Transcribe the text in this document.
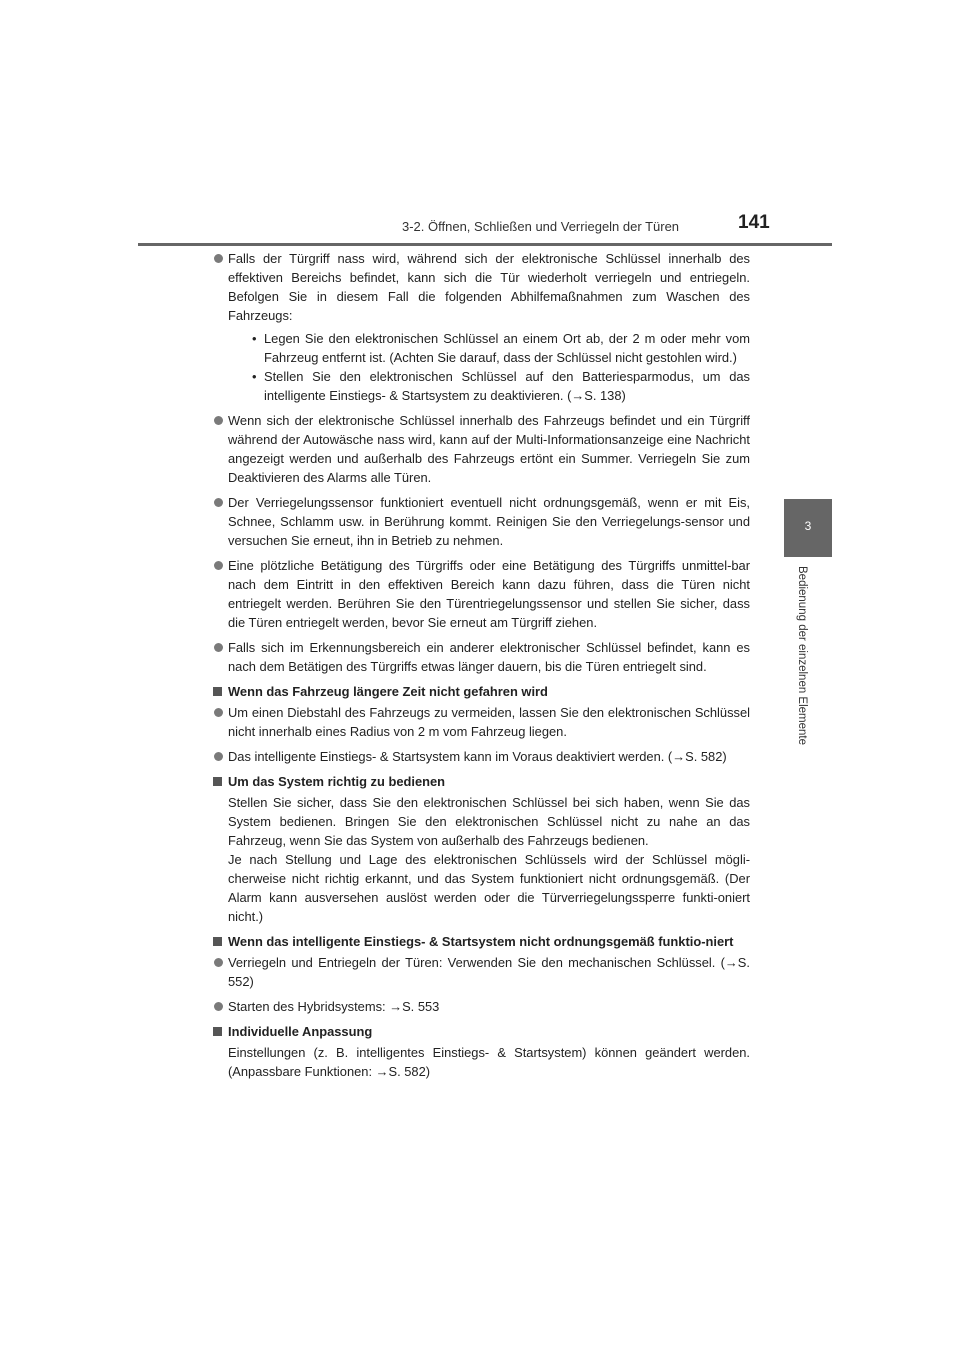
3-2. Öffnen, Schließen und Verriegeln der Türen	141
3
Bedienung der einzelnen Elemente
Falls der Türgriff nass wird, während sich der elektronische Schlüssel innerhalb des effektiven Bereichs befindet, kann sich die Tür wiederholt verriegeln und entriegeln. Befolgen Sie in diesem Fall die folgenden Abhilfemaßnahmen zum Waschen des Fahrzeugs:
• Legen Sie den elektronischen Schlüssel an einem Ort ab, der 2 m oder mehr vom Fahrzeug entfernt ist. (Achten Sie darauf, dass der Schlüssel nicht gestohlen wird.)
• Stellen Sie den elektronischen Schlüssel auf den Batteriesparmodus, um das intelligente Einstiegs- & Startsystem zu deaktivieren. (→S. 138)
Wenn sich der elektronische Schlüssel innerhalb des Fahrzeugs befindet und ein Türgriff während der Autowäsche nass wird, kann auf der Multi-Informationsanzeige eine Nachricht angezeigt werden und außerhalb des Fahrzeugs ertönt ein Summer. Verriegeln Sie zum Deaktivieren des Alarms alle Türen.
Der Verriegelungssensor funktioniert eventuell nicht ordnungsgemäß, wenn er mit Eis, Schnee, Schlamm usw. in Berührung kommt. Reinigen Sie den Verriegelungs-sensor und versuchen Sie erneut, ihn in Betrieb zu nehmen.
Eine plötzliche Betätigung des Türgriffs oder eine Betätigung des Türgriffs unmittel-bar nach dem Eintritt in den effektiven Bereich kann dazu führen, dass die Türen nicht entriegelt werden. Berühren Sie den Türentriegelungssensor und stellen Sie sicher, dass die Türen entriegelt werden, bevor Sie erneut am Türgriff ziehen.
Falls sich im Erkennungsbereich ein anderer elektronischer Schlüssel befindet, kann es nach dem Betätigen des Türgriffs etwas länger dauern, bis die Türen entriegelt sind.
Wenn das Fahrzeug längere Zeit nicht gefahren wird
Um einen Diebstahl des Fahrzeugs zu vermeiden, lassen Sie den elektronischen Schlüssel nicht innerhalb eines Radius von 2 m vom Fahrzeug liegen.
Das intelligente Einstiegs- & Startsystem kann im Voraus deaktiviert werden. (→S. 582)
Um das System richtig zu bedienen

Stellen Sie sicher, dass Sie den elektronischen Schlüssel bei sich haben, wenn Sie das System bedienen. Bringen Sie den elektronischen Schlüssel nicht zu nahe an das Fahrzeug, wenn Sie das System von außerhalb des Fahrzeugs bedienen.

Je nach Stellung und Lage des elektronischen Schlüssels wird der Schlüssel mögli-cherweise nicht richtig erkannt, und das System funktioniert nicht ordnungsgemäß. (Der Alarm kann ausversehen auslöst werden oder die Türverriegelungssperre funkti-oniert nicht.)

Wenn das intelligente Einstiegs- & Startsystem nicht ordnungsgemäß funktio-niert
Verriegeln und Entriegeln der Türen: Verwenden Sie den mechanischen Schlüssel. (→S. 552)
Starten des Hybridsystems: →S. 553
Individuelle Anpassung

Einstellungen (z. B. intelligentes Einstiegs- & Startsystem) können geändert werden. (Anpassbare Funktionen: →S. 582)
